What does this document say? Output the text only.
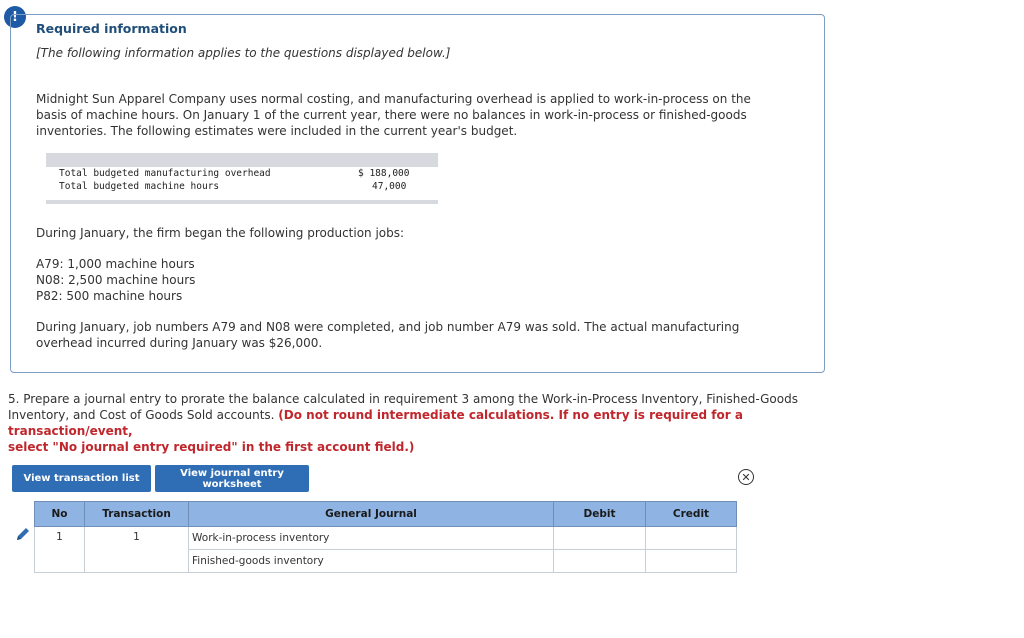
!
Required information
[The following information applies to the questions displayed below.]
Midnight Sun Apparel Company uses normal costing, and manufacturing overhead is applied to work-in-process on the
basis of machine hours. On January 1 of the current year, there were no balances in work-in-process or finished-goods
inventories. The following estimates were included in the current year's budget.
Total budgeted manufacturing overhead	$ 188,000
Total budgeted machine hours	47,000
During January, the firm began the following production jobs:
A79: 1,000 machine hours
N08: 2,500 machine hours
P82: 500 machine hours
During January, job numbers A79 and N08 were completed, and job number A79 was sold. The actual manufacturing
overhead incurred during January was $26,000.
5. Prepare a journal entry to prorate the balance calculated in requirement 3 among the Work-in-Process Inventory, Finished-Goods
Inventory, and Cost of Goods Sold accounts. (Do not round intermediate calculations. If no entry is required for a transaction/event,
select "No journal entry required" in the first account field.)
View transaction list	View journal entry worksheet
✕
No	Transaction	General Journal	Debit	Credit
1	1	Work-in-process inventory		
		Finished-goods inventory		
